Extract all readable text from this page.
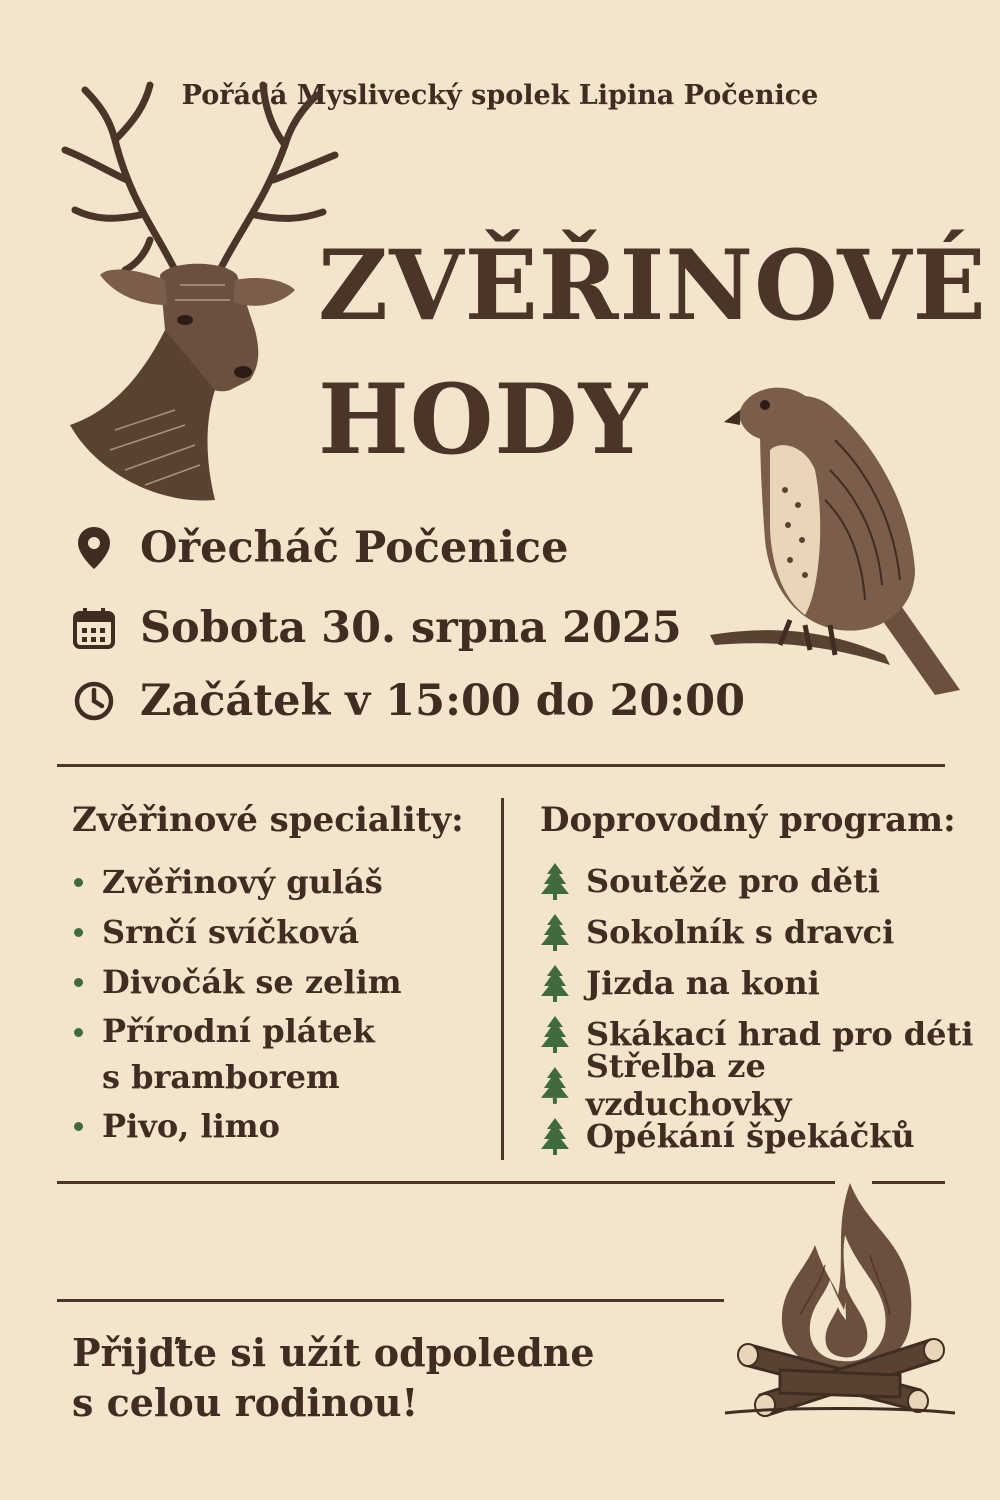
Pořádá Myslivecký spolek Lipina Počenice
ZVĚŘINOVÉ
HODY
Ořecháč Počenice
Sobota 30. srpna 2025
Začátek v 15:00 do 20:00
Zvěřinové speciality:
Zvěřinový guláš
Srnčí svíčková
Divočák se zelim
Přírodní plátek
s bramborem
Pivo, limo
Doprovodný program:
Soutěže pro děti
Sokolník s dravci
Jizda na koni
Skákací hrad pro déti
Střelba ze vzduchovky
Opékání špekáčků
Přijďte si užít odpoledne
s celou rodinou!
